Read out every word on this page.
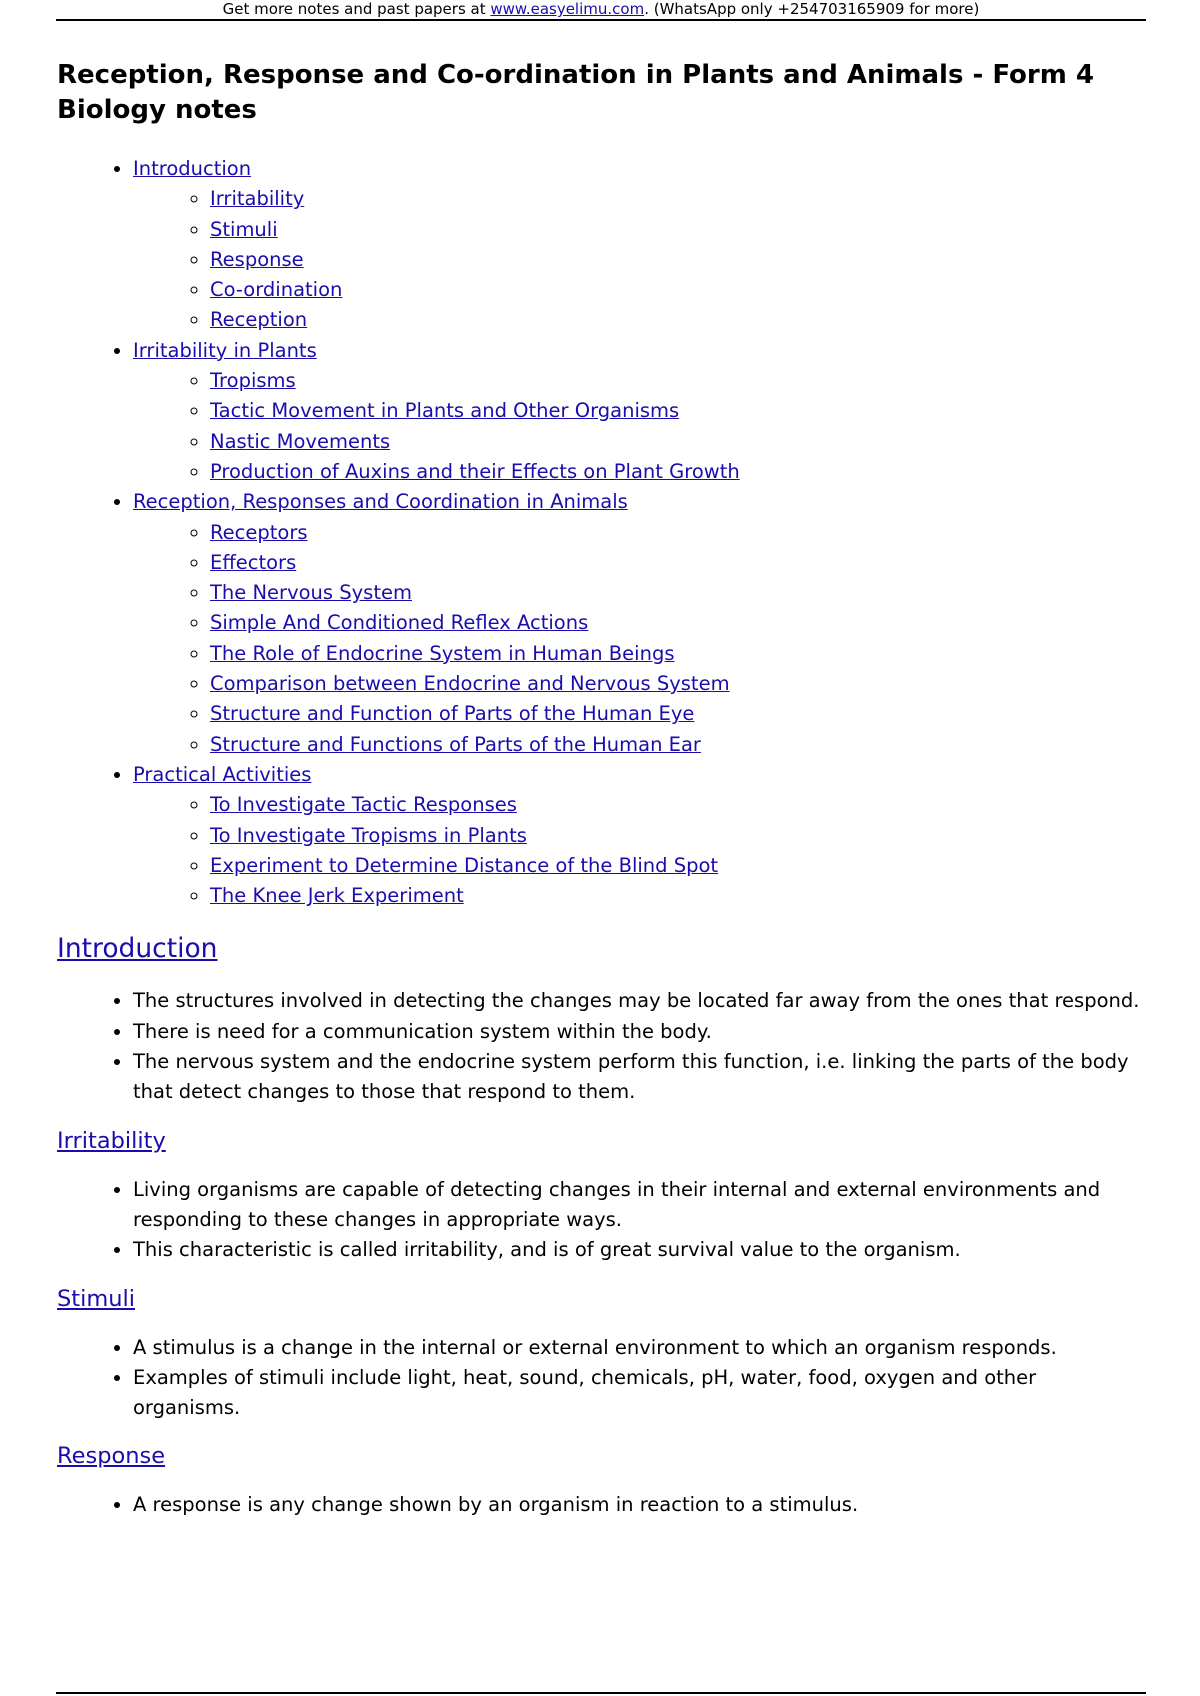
Get more notes and past papers at www.easyelimu.com. (WhatsApp only +254703165909 for more)
Reception, Response and Co-ordination in Plants and Animals - Form 4 Biology notes
• Introduction
◦ Irritability
◦ Stimuli
◦ Response
◦ Co-ordination
◦ Reception
• Irritability in Plants
◦ Tropisms
◦ Tactic Movement in Plants and Other Organisms
◦ Nastic Movements
◦ Production of Auxins and their Effects on Plant Growth
• Reception, Responses and Coordination in Animals
◦ Receptors
◦ Effectors
◦ The Nervous System
◦ Simple And Conditioned Reflex Actions
◦ The Role of Endocrine System in Human Beings
◦ Comparison between Endocrine and Nervous System
◦ Structure and Function of Parts of the Human Eye
◦ Structure and Functions of Parts of the Human Ear
• Practical Activities
◦ To Investigate Tactic Responses
◦ To Investigate Tropisms in Plants
◦ Experiment to Determine Distance of the Blind Spot
◦ The Knee Jerk Experiment
Introduction
• The structures involved in detecting the changes may be located far away from the ones that respond.
• There is need for a communication system within the body.
• The nervous system and the endocrine system perform this function, i.e. linking the parts of the body that detect changes to those that respond to them.
Irritability
• Living organisms are capable of detecting changes in their internal and external environments and responding to these changes in appropriate ways.
• This characteristic is called irritability, and is of great survival value to the organism.
Stimuli
• A stimulus is a change in the internal or external environment to which an organism responds.
• Examples of stimuli include light, heat, sound, chemicals, pH, water, food, oxygen and other organisms.
Response
• A response is any change shown by an organism in reaction to a stimulus.
